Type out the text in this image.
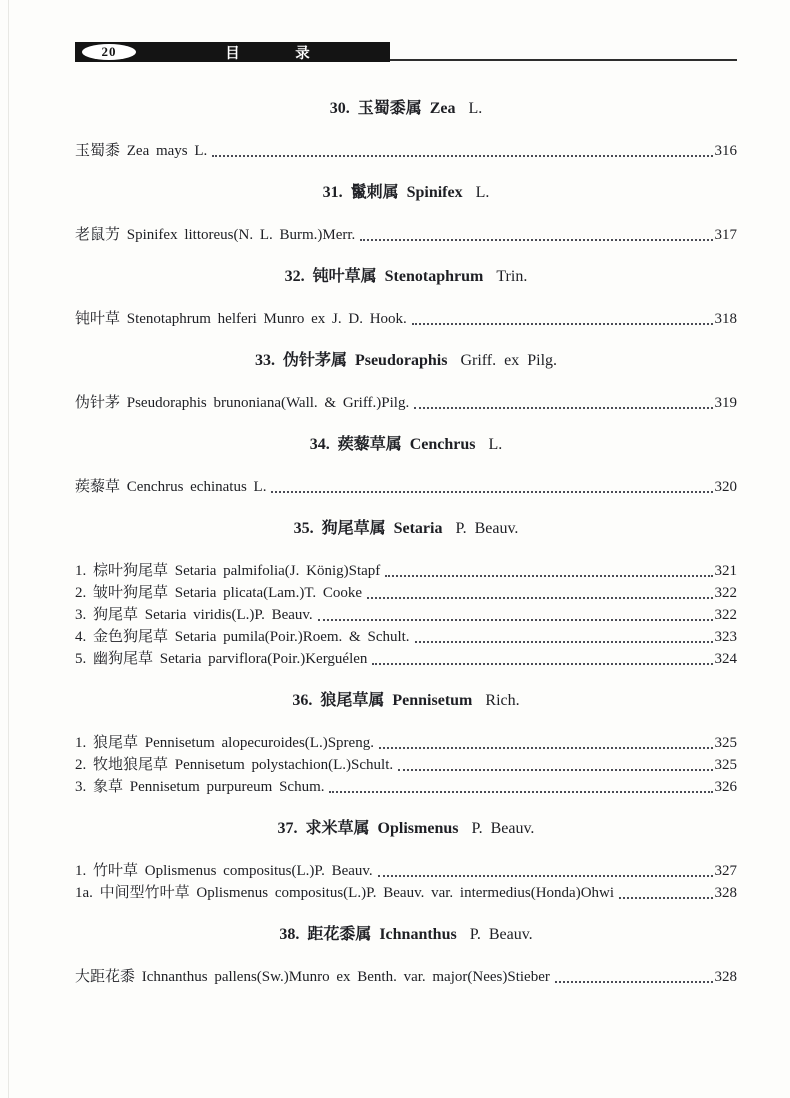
20	目 录
30. 玉蜀黍属 Zea L.
玉蜀黍 Zea mays L.	316
31. 鬣刺属 Spinifex L.
老鼠艻 Spinifex littoreus(N. L. Burm.)Merr.	317
32. 钝叶草属 Stenotaphrum Trin.
钝叶草 Stenotaphrum helferi Munro ex J. D. Hook.	318
33. 伪针茅属 Pseudoraphis Griff. ex Pilg.
伪针茅 Pseudoraphis brunoniana(Wall. & Griff.)Pilg.	319
34. 蒺藜草属 Cenchrus L.
蒺藜草 Cenchrus echinatus L.	320
35. 狗尾草属 Setaria P. Beauv.
1. 棕叶狗尾草 Setaria palmifolia(J. König)Stapf	321
2. 皱叶狗尾草 Setaria plicata(Lam.)T. Cooke	322
3. 狗尾草 Setaria viridis(L.)P. Beauv.	322
4. 金色狗尾草 Setaria pumila(Poir.)Roem. & Schult.	323
5. 幽狗尾草 Setaria parviflora(Poir.)Kerguélen	324
36. 狼尾草属 Pennisetum Rich.
1. 狼尾草 Pennisetum alopecuroides(L.)Spreng.	325
2. 牧地狼尾草 Pennisetum polystachion(L.)Schult.	325
3. 象草 Pennisetum purpureum Schum.	326
37. 求米草属 Oplismenus P. Beauv.
1. 竹叶草 Oplismenus compositus(L.)P. Beauv.	327
1a. 中间型竹叶草 Oplismenus compositus(L.)P. Beauv. var. intermedius(Honda)Ohwi	328
38. 距花黍属 Ichnanthus P. Beauv.
大距花黍 Ichnanthus pallens(Sw.)Munro ex Benth. var. major(Nees)Stieber	328
